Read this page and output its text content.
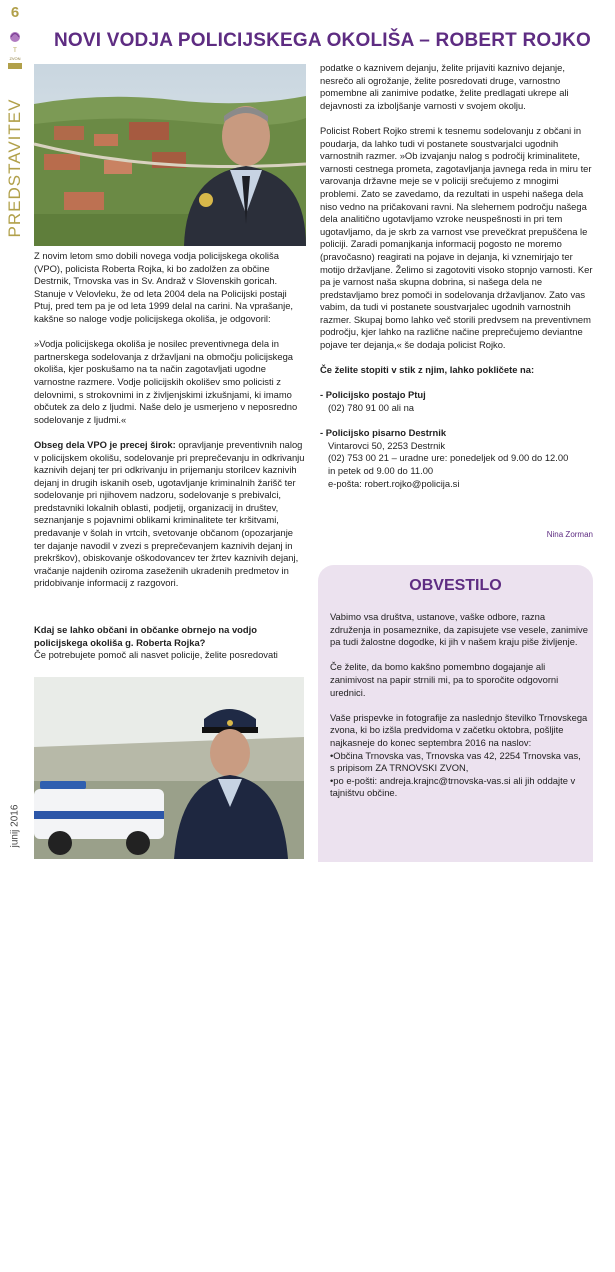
6
T
ZVON
PREDSTAVITEV
junij 2016
NOVI VODJA POLICIJSKEGA OKOLIŠA – ROBERT ROJKO

Z novim letom smo dobili novega vodja policijskega okoliša (VPO), policista Roberta Rojka, ki bo zadolžen za občine Destrnik, Trnovska vas in Sv. Andraž v Slovenskih goricah. Stanuje v Velovleku, že od leta 2004 dela na Policijski postaji Ptuj, pred tem pa je od leta 1999 delal na carini. Na vprašanje, kakšne so naloge vodje policijskega okoliša, je odgovoril:

»Vodja policijskega okoliša je nosilec preventivnega dela in partnerskega sodelovanja z državljani na območju policijskega okoliša, kjer poskušamo na ta način zagotavljati ugodne varnostne razmere. Vodje policijskih okolišev smo policisti z delovnimi, s strokovnimi in z življenjskimi izkušnjami, ki imamo občutek za delo z ljudmi. Naše delo je usmerjeno v neposredno sodelovanje z ljudmi.«

Obseg dela VPO je precej širok: opravljanje preventivnih nalog v policijskem okolišu, sodelovanje pri preprečevanju in odkrivanju kaznivih dejanj ter pri odkrivanju in prijemanju storilcev kaznivih dejanj in drugih iskanih oseb, ugotavljanje kriminalnih žarišč ter sodelovanje pri njihovem nadzoru, sodelovanje s prebivalci, predstavniki lokalnih oblasti, podjetij, organizacij in društev, seznanjanje s pojavnimi oblikami kriminalitete ter kršitvami, predavanje v šolah in vrtcih, svetovanje občanom (opozarjanje ter dajanje navodil v zvezi s preprečevanjem kaznivih dejanj in prekrškov), obiskovanje oškodovancev ter žrtev kaznivih dejanj, vračanje najdenih oziroma zaseženih ukradenih predmetov in pridobivanje informacij z razgovori.

Kdaj se lahko občani in občanke obrnejo na vodjo policijskega okoliša g. Roberta Rojka?
Če potrebujete pomoč ali nasvet policije, želite posredovati

podatke o kaznivem dejanju, želite prijaviti kaznivo dejanje, nesrečo ali ogrožanje, želite posredovati druge, varnostno pomembne ali zanimive podatke, želite predlagati ukrepe ali dejavnosti za izboljšanje varnosti v svojem okolju.

Policist Robert Rojko stremi k tesnemu sodelovanju z občani in poudarja, da lahko tudi vi postanete soustvarjalci ugodnih varnostnih razmer. »Ob izvajanju nalog s področij kriminalitete, varnosti cestnega prometa, zagotavljanja javnega reda in miru ter varovanja državne meje se v policiji srečujemo z mnogimi problemi. Zato se zavedamo, da rezultati in uspehi našega dela niso vedno na pričakovani ravni. Na slehernem področju našega dela analitično ugotavljamo vzroke neuspešnosti in pri tem ugotavljamo, da je skrb za varnost vse prevečkrat prepuščena le policiji. Zaradi pomanjkanja informacij pogosto ne moremo (pravočasno) reagirati na pojave in dejanja, ki vznemirjajo ter motijo državljane. Želimo si zagotoviti visoko stopnjo varnosti. Ker pa je varnost naša skupna dobrina, si našega dela ne predstavljamo brez pomoči in sodelovanja državljanov. Zato vas vabim, da tudi vi postanete soustvarjalec ugodnih varnostnih razmer. Skupaj bomo lahko več storili predvsem na preventivnem področju, kjer lahko na različne načine preprečujemo deviantne pojave ter dejanja,« še dodaja policist Rojko.

Če želite stopiti v stik z njim, lahko pokličete na:

- Policijsko postajo Ptuj

(02) 780 91 00 ali na

- Policijsko pisarno Destrnik
Vintarovci 50, 2253 Destrnik
(02) 753 00 21 – uradne ure: ponedeljek od 9.00 do 12.00
in petek od 9.00 do 11.00
e-pošta: robert.rojko@policija.si
Nina Zorman
OBVESTILO
OBVESTILO

Vabimo vsa društva, ustanove, vaške odbore, razna združenja in posameznike, da zapisujete vse vesele, zanimive pa tudi žalostne dogodke, ki jih v našem kraju piše življenje.

Če želite, da bomo kakšno pomembno dogajanje ali zanimivost na papir strnili mi, pa to sporočite odgovorni urednici.

Vaše prispevke in fotografije za naslednjo številko Trnovskega zvona, ki bo izšla predvidoma v začetku oktobra, pošljite najkasneje do konec septembra 2016 na naslov:
•Občina Trnovska vas, Trnovska vas 42, 2254 Trnovska vas, s pripisom ZA TRNOVSKI ZVON,
•po e-pošti: andreja.krajnc@trnovska-vas.si ali jih oddajte v tajništvu občine.
